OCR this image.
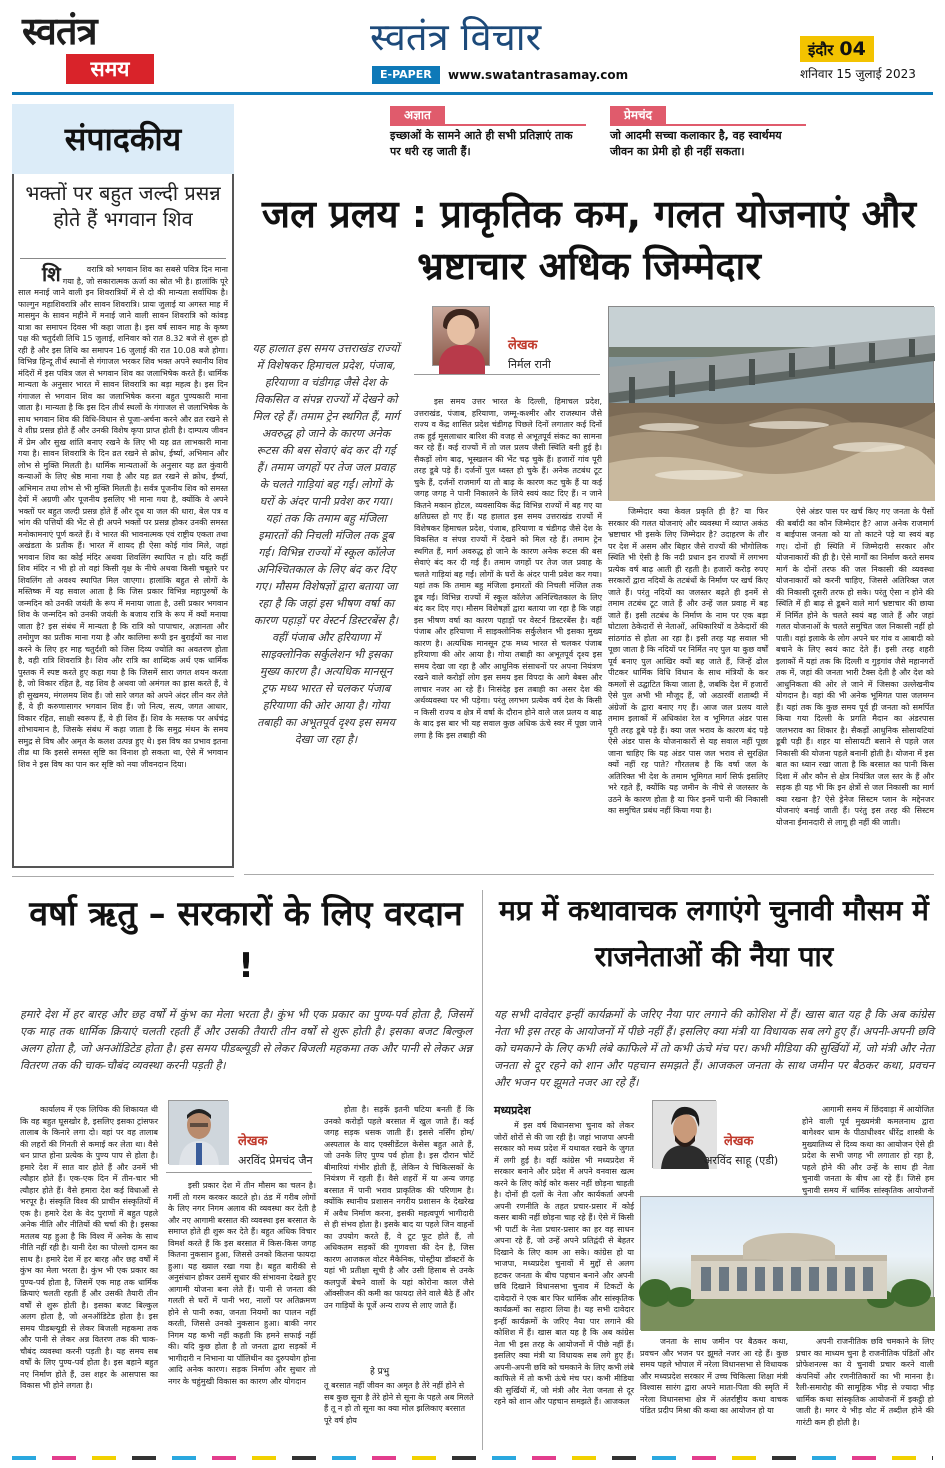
स्वतंत्र
समय
स्वतंत्र विचार
E-PAPER	www.swatantrasamay.com
इंदौर 04
शनिवार 15 जुलाई 2023
संपादकीय
भक्तों पर बहुत जल्दी प्रसन्न होते हैं भगवान शिव
शि	वरात्रि को भगवान शिव का सबसे पवित्र दिन माना गया है, जो सकारात्मक ऊर्जा का स्रोत भी है। हालांकि पूरे साल मनाई जाने वाली इन शिवरात्रियों में से दो की मान्यता सर्वाधिक है। फाल्गुन महाशिवरात्रि और सावन शिवरात्रि। प्रायः जुलाई या अगस्त माह में मासमुन के सावन महीने में मनाई जाने वाली सावन शिवरात्रि को कांवड़ यात्रा का समापन दिवस भी कहा जाता है। इस वर्ष सावन माह के कृष्ण पक्ष की चतुर्दशी तिथि 15 जुलाई, शनिवार को रात 8.32 बजे से शुरू हो रही है और इस तिथि का समापन 16 जुलाई की रात 10.08 बजे होगा। विभिन्न हिन्दू तीर्थ स्थानों से गंगाजल भरकर शिव भक्त अपने स्थानीय शिव मंदिरों में इस पवित्र जल से भगवान शिव का जलाभिषेक करते हैं। धार्मिक मान्यता के अनुसार भारत में सावन शिवरात्रि का बड़ा महत्व है। इस दिन गंगाजल से भगवान शिव का जलाभिषेक करना बहुत पुण्यकारी माना जाता है। मान्यता है कि इस दिन तीर्थ स्थलों के गंगाजल से जलाभिषेक के साथ भगवान शिव की विधि-विधान से पूजा-अर्चना करने और व्रत रखने से वे शीघ्र प्रसन्न होते हैं और उनकी विशेष कृपा प्राप्त होती है। दाम्पत्य जीवन में प्रेम और सुख शांति बनाए रखने के लिए भी यह व्रत लाभकारी माना गया है। सावन शिवरात्रि के दिन व्रत रखने से क्रोध, ईर्ष्या, अभिमान और लोभ से मुक्ति मिलती है। धार्मिक मान्यताओं के अनुसार यह व्रत कुंवारी कन्याओं के लिए श्रेष्ठ माना गया है और यह व्रत रखने से क्रोध, ईर्ष्या, अभिमान तथा लोभ से भी मुक्ति मिलती है। सर्वत्र पूजनीय शिव को समस्त देवों में अग्रणी और पूजनीय इसलिए भी माना गया है, क्योंकि वे अपने भक्तों पर बहुत जल्दी प्रसन्न होते हैं और दूध या जल की धारा, बेल पत्र व भांग की पत्तियों की भेंट से ही अपने भक्तों पर प्रसन्न होकर उनकी समस्त मनोकामनाएं पूर्ण करते हैं। वे भारत की भावनात्मक एवं राष्ट्रीय एकता तथा अखंडता के प्रतीक हैं। भारत में शायद ही ऐसा कोई गांव मिले, जहां भगवान शिव का कोई मंदिर अथवा शिवलिंग स्थापित न हो। यदि कहीं शिव मंदिर न भी हो तो वहां किसी वृक्ष के नीचे अथवा किसी चबूतरे पर शिवलिंग तो अवश्य स्थापित मिल जाएगा। हालांकि बहुत से लोगों के मस्तिष्क में यह सवाल आता है कि जिस प्रकार विभिन्न महापुरुषों के जन्मदिन को उनकी जयंती के रूप में मनाया जाता है, उसी प्रकार भगवान शिव के जन्मदिन को उनकी जयंती के बजाय रात्रि के रूप में क्यों मनाया जाता है? इस संबंध में मान्यता है कि रात्रि को पापाचार, अज्ञानता और तमोगुण का प्रतीक माना गया है और कालिमा रूपी इन बुराईयों का नाश करने के लिए हर माह चतुर्दशी को जिस दिव्य ज्योति का अवतरण होता है, वही रात्रि शिवरात्रि है। शिव और रात्रि का शाब्दिक अर्थ एक धार्मिक पुस्तक में स्पष्ट करते हुए कहा गया है कि जिसमें सारा जगत शयन करता है, जो विकार रहित है, वह शिव है अथवा जो अमंगल का ह्रास करते हैं, वे ही सुखमय, मंगलमय शिव हैं। जो सारे जगत को अपने अंदर लीन कर लेते हैं, वे ही करुणासागर भगवान शिव हैं। जो नित्य, सत्य, जगत आधार, विकार रहित, साक्षी स्वरूप हैं, वे ही शिव हैं। शिव के मस्तक पर अर्धचंद्र शोभायमान है, जिसके संबंध में कहा जाता है कि समुद्र मंथन के समय समुद्र से विष और अमृत के कलश उत्पन्न हुए थे। इस विष का प्रभाव इतना तीव्र था कि इससे समस्त सृष्टि का विनाश हो सकता था, ऐसे में भगवान शिव ने इस विष का पान कर सृष्टि को नया जीवनदान दिया।
अज्ञात
इच्छाओं के सामने आते ही सभी प्रतिज्ञाएं ताक पर धरी रह जाती हैं।
प्रेमचंद
जो आदमी सच्चा कलाकार है, वह स्वार्थमय जीवन का प्रेमी हो ही नहीं सकता।
जल प्रलय : प्राकृतिक कम, गलत योजनाएं और भ्रष्टाचार अधिक जिम्मेदार
लेखक
निर्मल रानी
यह हालात इस समय उत्तराखंड राज्यों में विशेषकर हिमाचल प्रदेश, पंजाब, हरियाणा व चंडीगढ़ जैसे देश के विकसित व संपन्न राज्यों में देखने को मिल रहे हैं। तमाम ट्रेन स्थगित हैं, मार्ग अवरुद्ध हो जाने के कारण अनेक रूटस की बस सेवाएं बंद कर दी गई हैं। तमाम जगहों पर तेज जल प्रवाह के चलते गाड़ियां बह गईं। लोगों के घरों के अंदर पानी प्रवेश कर गया। यहां तक कि तमाम बहु मंजिला इमारतों की निचली मंजिल तक डूब गई। विभिन्न राज्यों में स्कूल कॉलेज अनिश्चितकाल के लिए बंद कर दिए गए। मौसम विशेषज्ञों द्वारा बताया जा रहा है कि जहां इस भीषण वर्षा का कारण पहाड़ों पर वेस्टर्न डिस्टरबेंस है। वहीं पंजाब और हरियाणा में साइक्लोनिक सर्कुलेशन भी इसका मुख्य कारण है। अत्यधिक मानसून ट्रफ मध्य भारत से चलकर पंजाब हरियाणा की ओर आया है। गोया तबाही का अभूतपूर्व दृश्य इस समय देखा जा रहा है।
इस समय उत्तर भारत के दिल्ली, हिमाचल प्रदेश, उत्तराखंड, पंजाब, हरियाणा, जम्मू-कश्मीर और राजस्थान जैसे राज्य व केंद्र शासित प्रदेश चंडीगढ़ पिछले दिनों लगातार कई दिनों तक हुई मूसलाधार बारिश की वजह से अभूतपूर्व संकट का सामना कर रहे हैं। कई राज्यों में तो जल प्रलय जैसी स्थिति बनी हुई है। सैकड़ों लोग बाढ़, भूस्खलन की भेंट चढ़ चुके हैं। हजारों गांव पूरी तरह डूबे पड़े हैं। दर्जनों पुल ध्वस्त हो चुके हैं। अनेक तटबंध टूट चुके हैं, दर्जनों राजमार्ग या तो बाढ़ के कारण कट चुके हैं या कई जगह जगह ने पानी निकालने के लिये स्वयं काट दिए हैं। न जाने कितने मकान होटल, व्यवसायिक केंद्र विभिन्न राज्यों में बह गए या क्षतिग्रस्त हो गए हैं। यह हालात इस समय उत्तराखंड राज्यों में विशेषकर हिमाचल प्रदेश, पंजाब, हरियाणा व चंडीगढ़ जैसे देश के विकसित व संपन्न राज्यों में देखने को मिल रहे हैं। तमाम ट्रेन स्थगित हैं, मार्ग अवरुद्ध हो जाने के कारण अनेक रूटस की बस सेवाएं बंद कर दी गई हैं। तमाम जगहों पर तेज जल प्रवाह के चलते गाड़ियां बह गईं। लोगों के घरों के अंदर पानी प्रवेश कर गया। यहां तक कि तमाम बहु मंजिला इमारतों की निचली मंजिल तक डूब गई। विभिन्न राज्यों में स्कूल कॉलेज अनिश्चितकाल के लिए बंद कर दिए गए। मौसम विशेषज्ञों द्वारा बताया जा रहा है कि जहां इस भीषण वर्षा का कारण पहाड़ों पर वेस्टर्न डिस्टरबेंस है। वहीं पंजाब और हरियाणा में साइक्लोनिक सर्कुलेशन भी इसका मुख्य कारण है। अत्यधिक मानसून ट्रफ मध्य भारत से चलकर पंजाब हरियाणा की ओर आया है। गोया तबाही का अभूतपूर्व दृश्य इस समय देखा जा रहा है और आधुनिक संसाधनों पर अपना नियंत्रण रखने वाले करोड़ों लोग इस समय इस विपदा के आगे बेबस और लाचार नजर आ रहे हैं। निःसंदेह इस तबाही का असर देश की अर्थव्यवस्था पर भी पड़ेगा। परंतु लगभग प्रत्येक वर्ष देश के किसी न किसी राज्य व क्षेत्र में वर्षा के दौरान होने वाले जल प्रलय व बाढ़ के बाद इस बार भी यह सवाल कुछ अधिक ऊंचे स्वर में पूछा जाने लगा है कि इस तबाही की
जिम्मेदार क्या केवल प्रकृति ही है? या फिर सरकार की गलत योजनाएं और व्यवस्था में व्याप्त अकंठ भ्रष्टाचार भी इसके लिए जिम्मेदार है? उदाहरण के तौर पर देश में असम और बिहार जैसे राज्यों की भौगोलिक स्थिति भी ऐसी है कि नदी प्रधान इन राज्यों में लगभग प्रत्येक वर्ष बाढ़ आती ही रहती है। हजारों करोड़ रुपए सरकारों द्वारा नदियों के तटबंधों के निर्माण पर खर्च किए जाते हैं। परंतु नदियों का जलस्तर बढ़ते ही इनमें से तमाम तटबंध टूट जाते हैं और उन्हें जल प्रवाह में बह जाते हैं। इसी तटबंध के निर्माण के नाम पर एक बड़ा घोटाला ठेकेदारों से नेताओं, अधिकारियों व ठेकेदारों की सांठगांठ से होता आ रहा है। इसी तरह यह सवाल भी पूछा जाता है कि नदियों पर निर्मित नए पुल या कुछ वर्षों पूर्व बनाए पुल आखिर क्यों बह जाते हैं, जिन्हें ढोल पीटकर धार्मिक विधि विधान के साथ मंत्रियों के कर कमलों से उद्घाटित किया जाता है, जबकि देश में हजारों ऐसे पुल अभी भी मौजूद हैं, जो अठारवीं शताब्दी में अंग्रेजों के द्वारा बनाए गए हैं। आज जल प्रलय वाले तमाम इलाकों में अधिकांश रेल व भूमिगत अंडर पास पूरी तरह डूबे पड़े हैं। क्या जल भराव के कारण बंद पड़े ऐसे अंडर पास के योजनाकारों से यह सवाल नहीं पूछा जाना चाहिए कि यह अंडर पास जल भराव से सुरक्षित क्यों नहीं रह पाते? गौरतलब है कि वर्षा जल के अतिरिक्त भी देश के तमाम भूमिगत मार्ग सिर्फ इसलिए भरे रहते हैं, क्योंकि यह जमीन के नीचे से जलस्तर के उठने के कारण होता है या फिर इनमें पानी की निकासी का समुचित प्रबंध नहीं किया गया है।
ऐसे अंडर पास पर खर्च किए गए जनता के पैसों की बर्बादी का कौन जिम्मेदार है? आज अनेक राजमार्ग व बाईपास जनता को या तो काटने पड़े या स्वयं बह गए। दोनों ही स्थिति में जिम्मेदारी सरकार और योजनाकारों की ही है। ऐसे मार्गों का निर्माण करते समय मार्ग के दोनों तरफ की जल निकासी की व्यवस्था योजनाकारों को करनी चाहिए, जिससे अतिरिक्त जल की निकासी दूसरी तरफ हो सके। परंतु ऐसा न होने की स्थिति में ही बाढ़ से डूबने वाले मार्ग भ्रष्टाचार की छाया में निर्मित होने के चलते स्वयं बह जाते हैं और जहां गलत योजनाओं के चलते समुचित जल निकासी नहीं हो पाती। वहां इलाके के लोग अपने घर गांव व आबादी को बचाने के लिए स्वयं काट देते हैं। इसी तरह शहरी इलाकों में यहां तक कि दिल्ली व गुड़गांव जैसे महानगरों तक में, जहां की जनता भारी टैक्स देती है और देश को आधुनिकता की ओर ले जाने में जिसका उल्लेखनीय योगदान है। वहां की भी अनेक भूमिगत पास जलमग्न हैं। यहां तक कि कुछ समय पूर्व ही जनता को समर्पित किया गया दिल्ली के प्रगति मैदान का अंडरपास जलभराव का शिकार है। सैकड़ों आधुनिक सोसायटियां डूबी पड़ी हैं। शहर या सोसायटी बसाने से पहले जल निकासी की योजना पहले बनानी होती है। योजना में इस बात का ध्यान रखा जाता है कि बरसात का पानी किस दिशा में और कौन से क्षेत्र नियंत्रित जल स्तर के हैं और सड़क ही यह भी कि इन क्षेत्रों से जल निकासी का मार्ग क्या रखना है? ऐसे ड्रेनेज सिस्टम प्लान के मद्देनजर योजनाएं बनाई जाती हैं। परंतु इस तरह की सिस्टम योजना ईमानदारी से लागू ही नहीं की जाती।
वर्षा ऋतु – सरकारों के लिए वरदान !
हमारे देश में हर बारह और छह वर्षों में कुंभ का मेला भरता है। कुंभ भी एक प्रकार का पुण्य-पर्व होता है, जिसमें एक माह तक धार्मिक क्रियाएं चलती रहती हैं और उसकी तैयारी तीन वर्षों से शुरू होती है। इसका बजट बिल्कुल अलग होता है, जो अनऑडिटेड होता है। इस समय पीडब्ल्यूडी से लेकर बिजली महकमा तक और पानी से लेकर अन्न वितरण तक की चाक-चौबंद व्यवस्था करनी पड़ती है।
कार्यालय में एक लिपिक की शिकायत थी कि वह बहुत घूसखोर है, इसलिए इसका ट्रांसफर तालाब के किनारे लगा दो। वहां पर वह तालाब की लहरों की गिनती से कमाई कर लेता था। वैसे धन प्राप्त होना प्रत्येक के पुण्य पाप से होता है। हमारे देश में सात वार होते हैं और उनमें भी त्यौहार होते हैं। एक-एक दिन में तीन-चार भी त्यौहार होते हैं। वैसे हमारा देश कई विधाओं से भरपूर है। संस्कृति विश्व की प्राचीन संस्कृतियों में एक है। हमारे देश के वेद पुराणों में बहुत पहले अनेक नीति और नीतियों की चर्चा की है। इसका मतलब यह हुआ है कि विश्व में अनेक के साथ नीति नहीं रही है। यानी देश का पोल्लो दामन का साथ है। हमारे देश में हर बारह और छह वर्षों में कुंभ का मेला भरता है। कुंभ भी एक प्रकार का पुण्य-पर्व होता है, जिसमें एक माह तक धार्मिक क्रियाएं चलती रहती हैं और उसकी तैयारी तीन वर्षों से शुरू होती है। इसका बजट बिल्कुल अलग होता है, जो अनऑडिटेड होता है। इस समय पीडब्ल्यूडी से लेकर बिजली महकमा तक और पानी से लेकर अन्न वितरण तक की चाक-चौबंद व्यवस्था करनी पड़ती है। यह समय सब वर्षों के लिए पुण्य-पर्व होता है। इस बहाने बहुत नए निर्माण होते हैं, उस शहर के आसपास का विकास भी होने लगता है।
लेखक
अरविंद प्रेमचंद जैन
इसी प्रकार देश में तीन मौसम का चलन है। गर्मी तो गरम करकर काटते हो। ठंड में गरीब लोगों के लिए नगर निगम अलाव की व्यवस्था कर देती है और नए आगामी बरसात की व्यवस्था इस बरसात के समाप्त होते ही शुरू कर देते हैं। बहुत अधिक विचार विमर्श करते हैं कि इस बरसात में किस-किस जगह कितना नुकसान हुआ, जिससे उनको कितना फायदा हुआ। यह ख्याल रखा गया है। बहुत बारीकी से अनुसंधान होकर उसमें सुधार की संभावना देखते हुए आगामी योजना बना लेते हैं। पानी से जनता की गलती से घरों में पानी भरा, नालों पर अतिक्रमण होने से पानी रुका, जनता नियमों का पालन नहीं करती, जिससे उनको नुकसान हुआ। बाकी नगर निगम यह कभी नहीं कहती कि हमने सफाई नहीं की। यदि कुछ होता है तो जनता द्वारा सड़कों में भागीदारी न निभाना या पॉलिथीन का दुरुपयोग होना आदि अनेक कारण। सड़क निर्माण और सुधार तो नगर के चहुंमुखी विकास का कारण और योगदान
होता है। सड़कें इतनी घटिया बनती हैं कि उनको करोड़ों पहले बरसात में खुल जाते हैं। कई जगह सड़क धसक जाती हैं। इससे नर्सिंग होम/अस्पताल के वाद एक्सीडेंटल केसेस बहुत आते हैं, जो उनके लिए पुण्य पर्व होता है। इस दौरान चोटें बीमारियां गंभीर होती हैं, लेकिन ये चिकित्सकों के नियंत्रण में रहती हैं। वैसे शहरों में या अन्य जगह बरसात में पानी भराव प्राकृतिक की परिणाम है। क्योंकि स्थानीय प्रशासन नगरीय प्रशासन के देखरेख में अवैध निर्माण करना, इसकी महत्वपूर्ण भागीदारी से ही संभव होता है। इसके बाद या पहले जिन वाहनों का उपयोग करते हैं, वे टूट फूट होते हैं, तो अधिकतम सड़कों की गुणवत्ता की देन है, जिस कारण आजकल वोटर मैकेनिक, पोस्ट्रीया डॉक्टरों के यहां भी प्रतीक्षा सूची है और उसी हिसाब से उनके कलपुर्जे बेचने वालों के यहां कोरोना काल जैसे ऑक्सीजन की कमी का फायदा लेने वाले बैठे हैं और उन गाड़ियों के पूर्जे अन्य राज्य से लाए जाते हैं।
हे प्रभु
तू बरसात नहीं जीवन का अमृत है तेरे नहीं होने से सब कुछ सूना है तेरे होने से सूना के पहले अब मिलते हैं तू न हो तो सूना का क्या मोल झलिकाए बरसात पूरे वर्ष होय
मप्र में कथावाचक लगाएंगे चुनावी मौसम में राजनेताओं की नैया पार
यह सभी दावेदार इन्हीं कार्यक्रमों के जरिए नैया पार लगाने की कोशिश में हैं। खास बात यह है कि अब कांग्रेस नेता भी इस तरह के आयोजनों में पीछे नहीं हैं। इसलिए क्या मंत्री या विधायक सब लगे हुए हैं। अपनी-अपनी छवि को चमकाने के लिए कभी लंबे काफिले में तो कभी ऊंचे मंच पर। कभी मीडिया की सुर्खियों में, जो मंत्री और नेता जनता से दूर रहने को शान और पहचान समझते हैं। आजकल जनता के साथ जमीन पर बैठकर कथा, प्रवचन और भजन पर झूमते नजर आ रहे हैं।
मध्यप्रदेश
में इस वर्ष विधानसभा चुनाव को लेकर जोरों शोरों से की जा रही है। जहां भाजपा अपनी सरकार को मध्य प्रदेश में यथावत रखने के जुगत में लगी हुई है। वहीं कांग्रेस भी मध्यप्रदेश में सरकार बनाने और प्रदेश में अपने वनवास खत्म करने के लिए कोई कोर कसर नहीं छोड़ना चाहती है। दोनों ही दलों के नेता और कार्यकर्ता अपनी अपनी रणनीति के तहत प्रचार-प्रसार में कोई कसर बाकी नहीं छोड़ना चाह रहे हैं। ऐसे में किसी भी पार्टी के नेता प्रचार-प्रसार का हर वह साधन अपना रहे हैं, जो उन्हें अपने प्रतिद्वंदी से बेहतर दिखाने के लिए काम आ सके। कांग्रेस हो या भाजपा, मध्यप्रदेश चुनावों में मुद्दों से अलग हटकर जनता के बीच पहचान बनाने और अपनी छवि दिखाने विधानसभा चुनाव में टिकटों के दावेदारों ने एक बार फिर धार्मिक और सांस्कृतिक कार्यक्रमों का सहारा लिया है। यह सभी दावेदार इन्हीं कार्यक्रमों के जरिए नैया पार लगाने की कोशिश में हैं। खास बात यह है कि अब कांग्रेस नेता भी इस तरह के आयोजनों में पीछे नहीं हैं। इसलिए क्या मंत्री या विधायक सब लगे हुए हैं। अपनी-अपनी छवि को चमकाने के लिए कभी लंबे काफिले में तो कभी ऊंचे मंच पर। कभी मीडिया की सुर्खियों में, जो मंत्री और नेता जनता से दूर रहने को शान और पहचान समझते हैं। आजकल
लेखक
अरविंद साहू (एडी)
आगामी समय में छिंदवाड़ा में आयोजित होने वाली पूर्व मुख्यमंत्री कमलनाथ द्वारा बागेश्वर धाम के पीठाधीश्वर धीरेंद्र शास्त्री के मुख्यातिथ्य से दिव्य कथा का आयोजन ऐसे ही प्रदेश के सभी जगह भी लगातार हो रहा है, पहले होने की और उन्हें के साथ ही नेता चुनावी जनता के बीच आ रहे हैं। जिसे हम चुनावी समय में धार्मिक सांस्कृतिक आयोजनों
जनता के साथ जमीन पर बैठकर कथा, प्रवचन और भजन पर झूमते नजर आ रहे हैं। कुछ समय पहले भोपाल में नरेला विधानसभा से विधायक और मध्यप्रदेश सरकार में उच्च चिकित्सा शिक्षा मंत्री विश्वास सारंग द्वारा अपने माता-पिता की स्मृति में नरेला विधानसभा क्षेत्र में अंतर्राष्ट्रीय कथा वाचक पंडित प्रदीप मिश्रा की कथा का आयोजन हो या
अपनी राजनीतिक छवि चमकाने के लिए प्रचार का माध्यम चुना है राजनीतिक पंडितों और प्रोफेशनल्स का ये चुनावी प्रचार करने वाली कंपनियों और रणनीतिकारों का भी मानना है। रैली-समारोह की सामूहिक भीड़ से ज्यादा भीड़ धार्मिक कथा सांस्कृतिक आयोजनों में इकट्ठी हो जाती है। मगर ये भीड़ वोट में तब्दील होने की गारंटी कम ही होती है।
